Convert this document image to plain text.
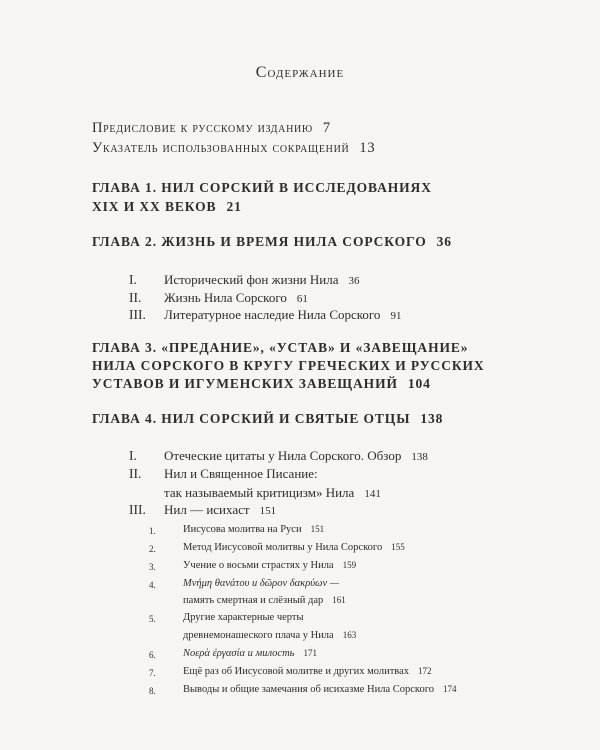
Содержание
Предисловие к русскому изданию 7
Указатель использованных сокращений 13
ГЛАВА 1. НИЛ СОРСКИЙ В ИССЛЕДОВАНИЯХ
XIX И XX ВЕКОВ 21
ГЛАВА 2. ЖИЗНЬ И ВРЕМЯ НИЛА СОРСКОГО 36
I. Исторический фон жизни Нила 36
II. Жизнь Нила Сорского 61
III. Литературное наследие Нила Сорского 91
ГЛАВА 3. «ПРЕДАНИЕ», «УСТАВ» И «ЗАВЕЩАНИЕ»
НИЛА СОРСКОГО В КРУГУ ГРЕЧЕСКИХ И РУССКИХ
УСТАВОВ И ИГУМЕНСКИХ ЗАВЕЩАНИЙ 104
ГЛАВА 4. НИЛ СОРСКИЙ И СВЯТЫЕ ОТЦЫ 138
I. Отеческие цитаты у Нила Сорского. Обзор 138
II. Нил и Священное Писание:
так называемый критицизм» Нила 141
III. Нил — исихаст 151
1.	Иисусова молитва на Руси 151
2.	Метод Иисусовой молитвы у Нила Сорского 155
3.	Учение о восьми страстях у Нила 159
4.	Μνήμη θανάτου и δῶρον δακρύων —
память смертная и слёзный дар 161
5.	Другие характерные черты
древнемонашеского плача у Нила 163
6.	Νοερὰ ἐργασία и милость 171
7.	Ещё раз об Иисусовой молитве и других молитвах 172
8.	Выводы и общие замечания об исихазме Нила Сорского 174
